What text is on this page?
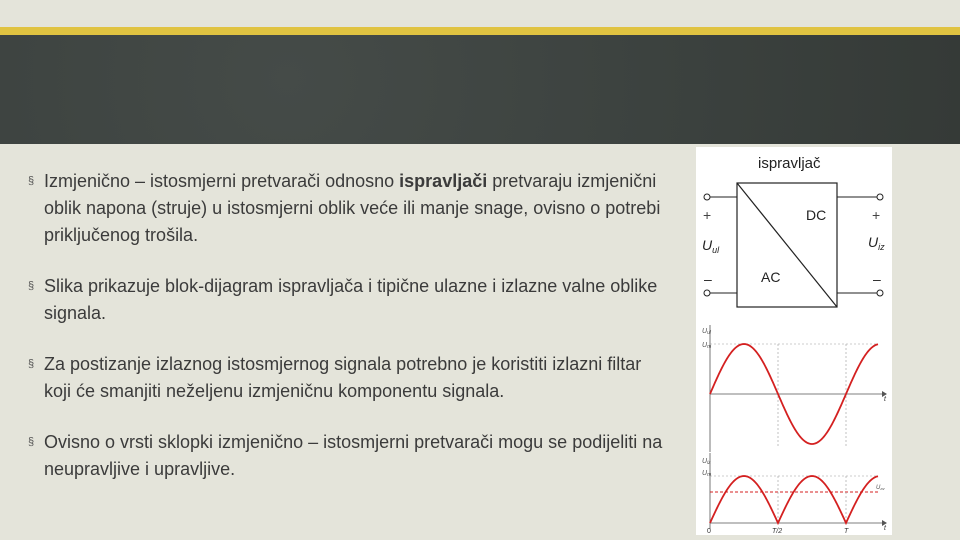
§ Izmjenično – istosmjerni pretvarači odnosno ispravljači pretvaraju izmjenični oblik napona (struje) u istosmjerni oblik veće ili manje snage, ovisno o potrebi priključenog trošila.
§ Slika prikazuje blok-dijagram ispravljača i tipične ulazne i izlazne valne oblike signala.
§ Za postizanje izlaznog istosmjernog signala potrebno je koristiti izlazni filtar koji će smanjiti neželjenu izmjeničnu komponentu signala.
§ Ovisno o vrsti sklopki izmjenično – istosmjerni pretvarači mogu se podijeliti na neupravljive i upravljive.
ispravljač
DC
AC
+	+
–	–
$U_{ul}$	$U_{iz}$
t
Uul
Um
t
Uiz
Um
Uav
0	T/2	T
